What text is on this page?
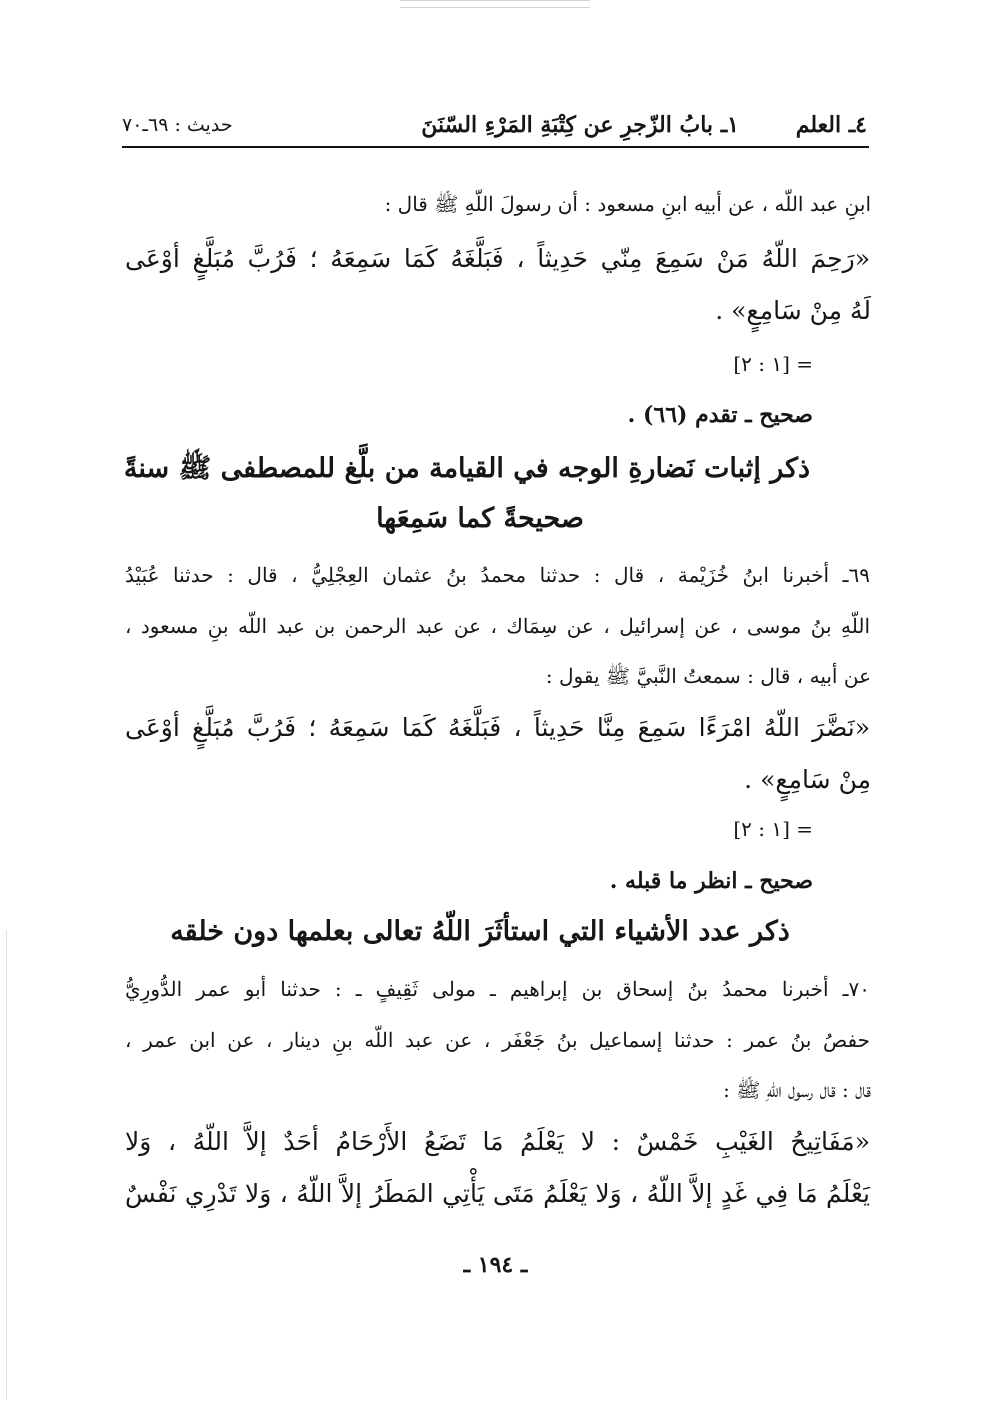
٤ـ العلم
١ـ بابُ الزّجرِ عن كِتْبَةِ المَرْءِ السّنَنَ
حديث : ٦٩ـ٧٠
ابنِ عبد اللّه ، عن أبيه ابنِ مسعود : أن رسولَ اللّهِ ﷺ قال :
«رَحِمَ اللّهُ مَنْ سَمِعَ مِنّي حَدِيثاً ، فَبَلَّغَهُ كَمَا سَمِعَهُ ؛ فَرُبَّ مُبَلَّغٍ أوْعَى
لَهُ مِنْ سَامِعٍ» .
= [١ : ٢]
صحيح ـ تقدم (٦٦) .
ذكر إثبات نَضارةِ الوجه في القيامة من بلَّغ للمصطفى ﷺ سنةً
صحيحةً كما سَمِعَها
٦٩ـ أخبرنا ابنُ خُزَيْمة ، قال : حدثنا محمدُ بنُ عثمان العِجْلِيُّ ، قال : حدثنا عُبَيْدُ
اللّهِ بنُ موسى ، عن إسرائيل ، عن سِمَاك ، عن عبد الرحمن بن عبد اللّه بنِ مسعود ،
عن أبيه ، قال : سمعتُ النَّبيَّ ﷺ يقول :
«نَضَّرَ اللّهُ امْرَءًا سَمِعَ مِنَّا حَدِيثاً ، فَبَلَّغَهُ كَمَا سَمِعَهُ ؛ فَرُبَّ مُبَلَّغٍ أوْعَى
مِنْ سَامِعٍ» .
= [١ : ٢]
صحيح ـ انظر ما قبله .
ذكر عدد الأشياء التي استأثَرَ اللّهُ تعالى بعلمها دون خلقه
٧٠ـ أخبرنا محمدُ بنُ إسحاق بن إبراهيم ـ مولى ثَقِيفٍ ـ : حدثنا أبو عمر الدُّورِيُّ
حفصُ بنُ عمر : حدثنا إسماعيل بنُ جَعْفَر ، عن عبد اللّه بنِ دينار ، عن ابن عمر ،
قال : قال رسول اللّهِ ﷺ :
«مَفَاتِيحُ الغَيْبِ خَمْسٌ : لا يَعْلَمُ مَا تَضَعُ الأَرْحَامُ أحَدٌ إلاَّ اللّهُ ، وَلا
يَعْلَمُ مَا فِي غَدٍ إلاَّ اللّهُ ، وَلا يَعْلَمُ مَتَى يَأْتِي المَطَرُ إلاَّ اللّهُ ، وَلا تَدْرِي نَفْسٌ
ـ ١٩٤ ـ
